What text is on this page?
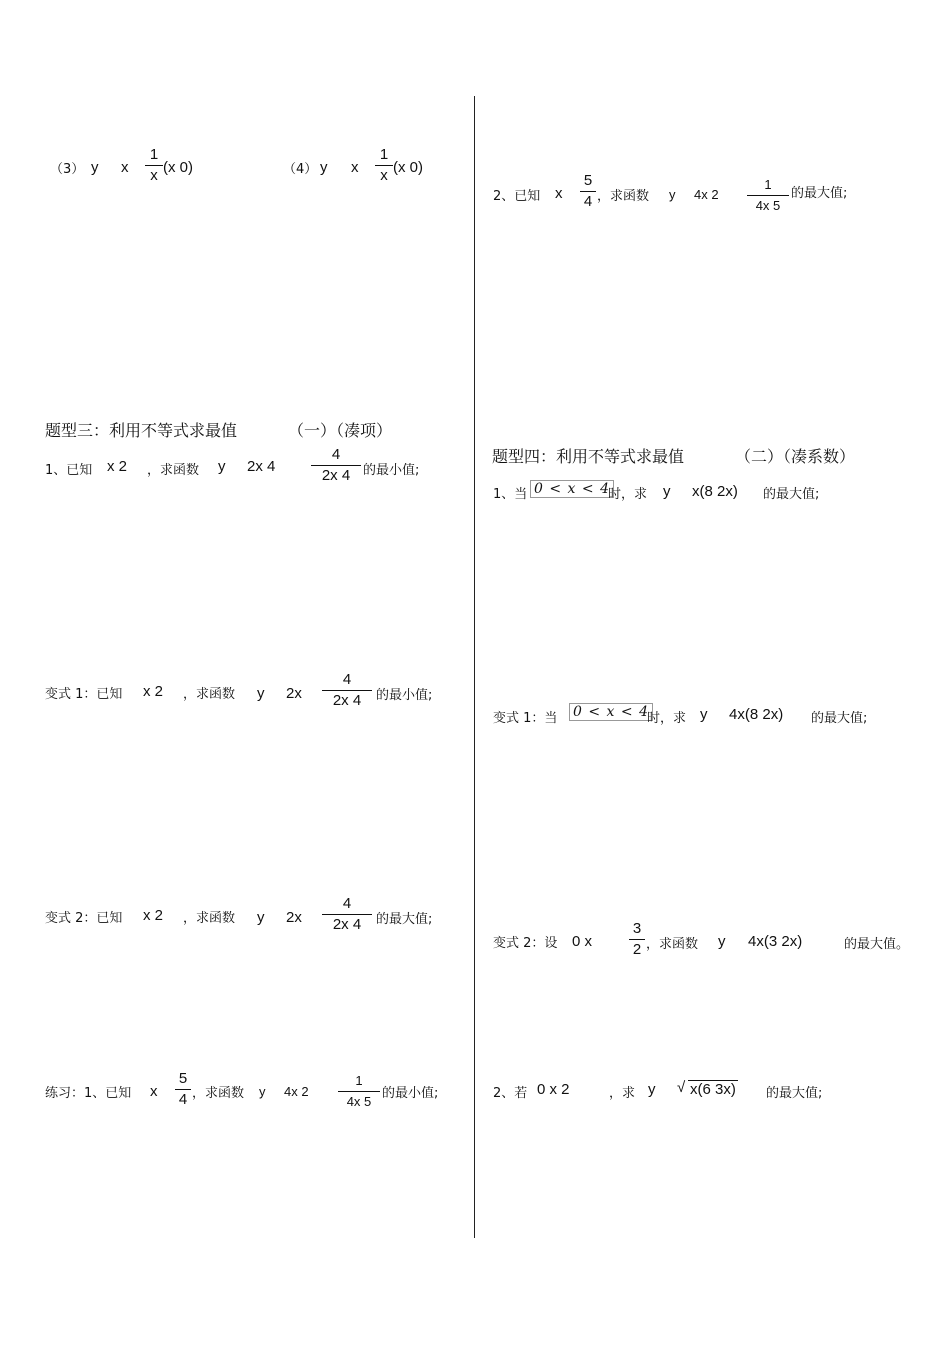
（3） y x
1
x (x 0)	（4） y x
1
x (x 0)
题型三：利用不等式求最值	（一）（凑项）
1、已知 x 2 ，求函数 y 2x 4
4
2x 4 的最小值;
变式 1：已知 x 2 ，求函数 y 2x
4
2x 4	的最小值;
变式 2：已知 x 2 ，求函数 y 2x
4
2x 4	的最大值;
练习：1、已知 x
5
4 ，求函数 y 4x 2
1
4x 5
的最小值;
2、已知 x
5
4 ，求函数 y 4x 2
1
4x 5
的最大值;
题型四：利用不等式求最值	（二）（凑系数）
1、当 0 < x < 4
时，求 y x(8 2x) 的最大值;
变式 1：当 0 < x < 4
时，求 y 4x(8 2x) 的最大值;
变式 2：设 0 x
3
2 ，求函数 y 4x(3 2x)	的最大值。
2、若 0 x 2	，求 y √ x(6 3x) 的最大值;
